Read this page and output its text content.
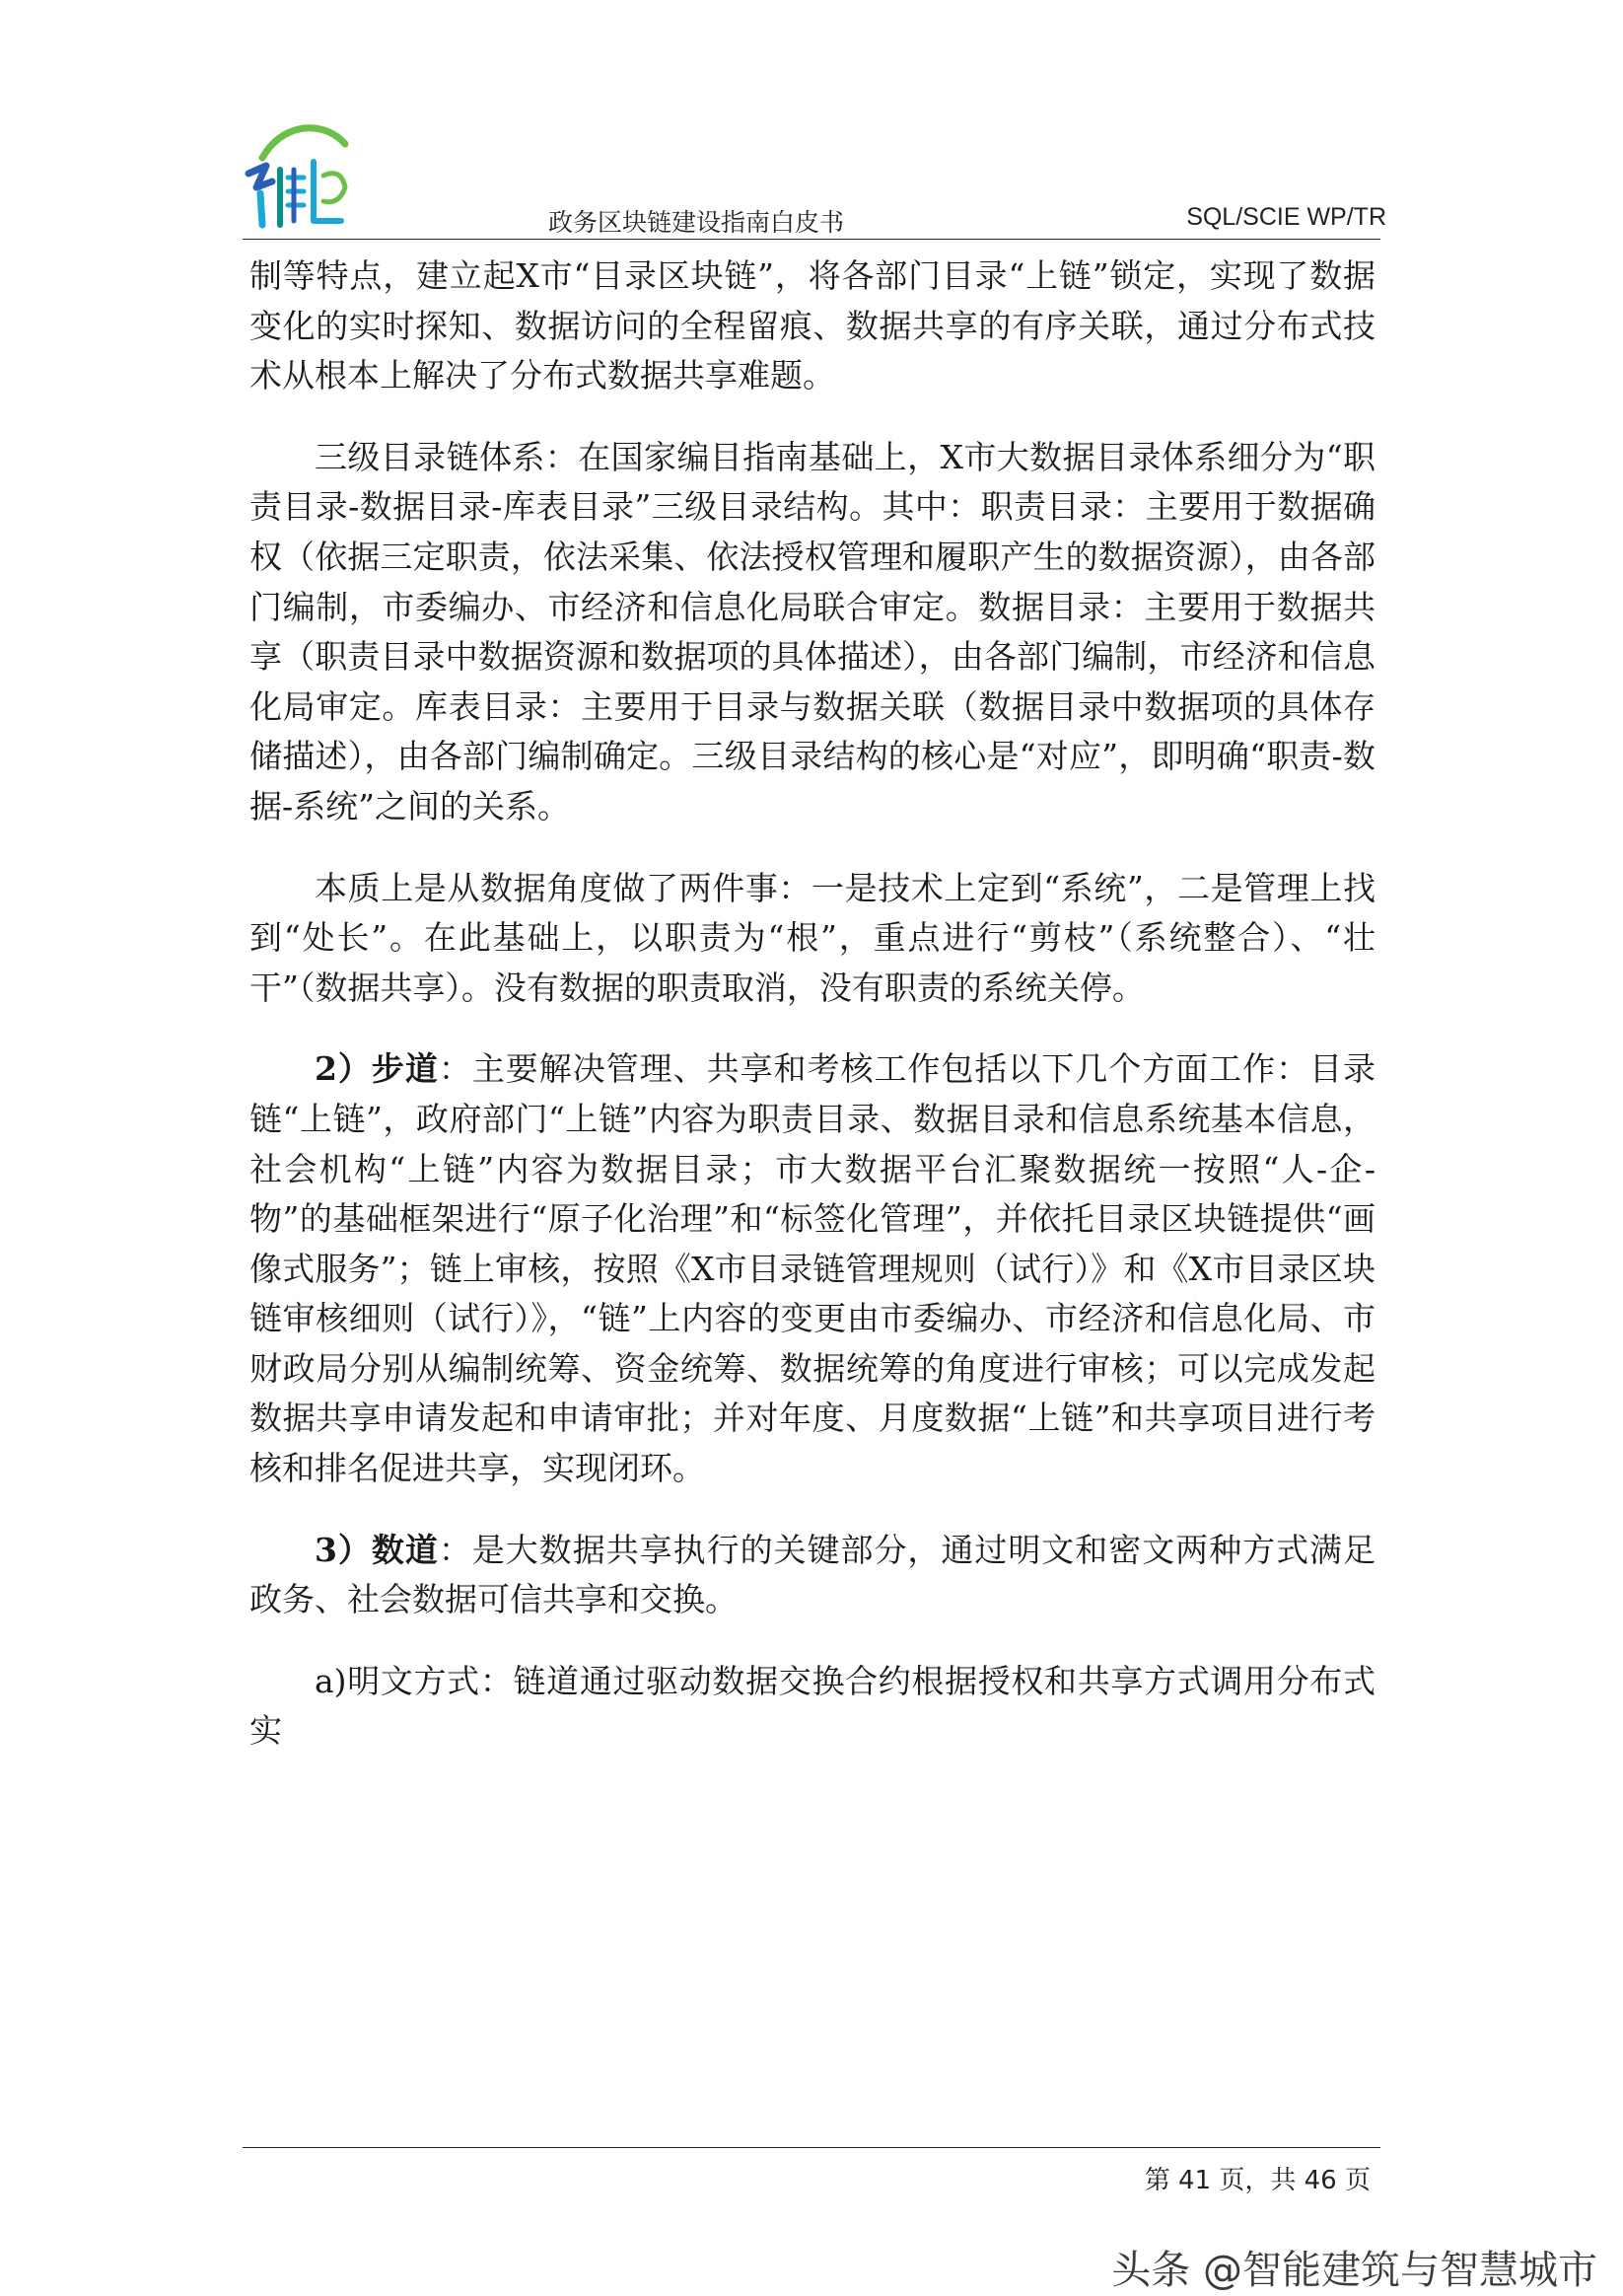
政务区块链建设指南白皮书	SQL/SCIE WP/TR

制等特点，建立起X市“目录区块链”，将各部门目录“上链”锁定，实现了数据变化的实时探知、数据访问的全程留痕、数据共享的有序关联，通过分布式技术从根本上解决了分布式数据共享难题。

三级目录链体系：在国家编目指南基础上，X市大数据目录体系细分为“职责目录-数据目录-库表目录”三级目录结构。其中：职责目录：主要用于数据确权（依据三定职责，依法采集、依法授权管理和履职产生的数据资源），由各部门编制，市委编办、市经济和信息化局联合审定。数据目录：主要用于数据共享（职责目录中数据资源和数据项的具体描述），由各部门编制，市经济和信息化局审定。库表目录：主要用于目录与数据关联（数据目录中数据项的具体存储描述），由各部门编制确定。三级目录结构的核心是“对应”，即明确“职责-数据-系统”之间的关系。

本质上是从数据角度做了两件事：一是技术上定到“系统”，二是管理上找到“处长”。在此基础上，以职责为“根”，重点进行“剪枝”（系统整合）、“壮干”（数据共享）。没有数据的职责取消，没有职责的系统关停。

2）步道：主要解决管理、共享和考核工作包括以下几个方面工作：目录链“上链”，政府部门“上链”内容为职责目录、数据目录和信息系统基本信息，社会机构“上链”内容为数据目录；市大数据平台汇聚数据统一按照“人-企-物”的基础框架进行“原子化治理”和“标签化管理”，并依托目录区块链提供“画像式服务”；链上审核，按照《X市目录链管理规则（试行）》和《X市目录区块链审核细则（试行）》，“链”上内容的变更由市委编办、市经济和信息化局、市财政局分别从编制统筹、资金统筹、数据统筹的角度进行审核；可以完成发起数据共享申请发起和申请审批；并对年度、月度数据“上链”和共享项目进行考核和排名促进共享，实现闭环。

3）数道：是大数据共享执行的关键部分，通过明文和密文两种方式满足政务、社会数据可信共享和交换。

a)明文方式：链道通过驱动数据交换合约根据授权和共享方式调用分布式实

第 41 页，共 46 页
头条 @智能建筑与智慧城市
